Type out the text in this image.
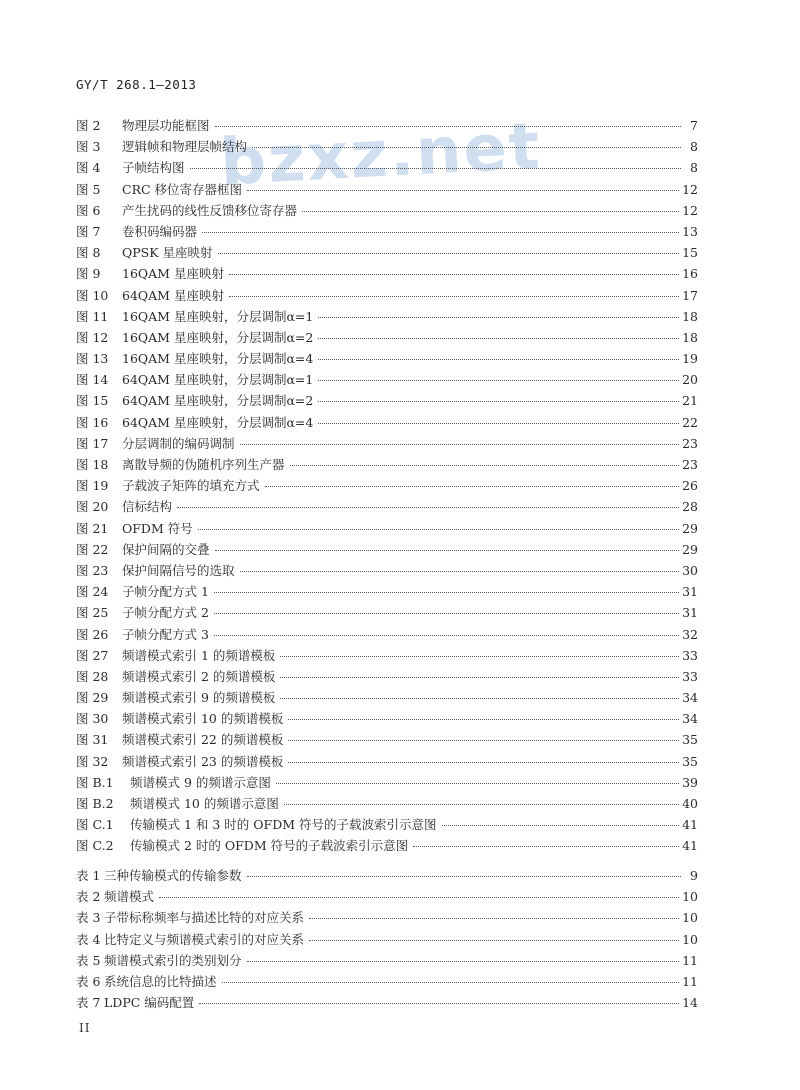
GY/T 268.1—2013
bzxz.net
图 2	物理层功能框图	7
图 3	逻辑帧和物理层帧结构	8
图 4	子帧结构图	8
图 5	CRC 移位寄存器框图	12
图 6	产生扰码的线性反馈移位寄存器	12
图 7	卷积码编码器	13
图 8	QPSK 星座映射	15
图 9	16QAM 星座映射	16
图 10	64QAM 星座映射	17
图 11	16QAM 星座映射，分层调制α=1	18
图 12	16QAM 星座映射，分层调制α=2	18
图 13	16QAM 星座映射，分层调制α=4	19
图 14	64QAM 星座映射，分层调制α=1	20
图 15	64QAM 星座映射，分层调制α=2	21
图 16	64QAM 星座映射，分层调制α=4	22
图 17	分层调制的编码调制	23
图 18	离散导频的伪随机序列生产器	23
图 19	子载波子矩阵的填充方式	26
图 20	信标结构	28
图 21	OFDM 符号	29
图 22	保护间隔的交叠	29
图 23	保护间隔信号的选取	30
图 24	子帧分配方式 1	31
图 25	子帧分配方式 2	31
图 26	子帧分配方式 3	32
图 27	频谱模式索引 1 的频谱模板	33
图 28	频谱模式索引 2 的频谱模板	33
图 29	频谱模式索引 9 的频谱模板	34
图 30	频谱模式索引 10 的频谱模板	34
图 31	频谱模式索引 22 的频谱模板	35
图 32	频谱模式索引 23 的频谱模板	35
图 B.1	频谱模式 9 的频谱示意图	39
图 B.2	频谱模式 10 的频谱示意图	40
图 C.1	传输模式 1 和 3 时的 OFDM 符号的子载波索引示意图	41
图 C.2	传输模式 2 时的 OFDM 符号的子载波索引示意图	41
表 1 三种传输模式的传输参数	9
表 2 频谱模式	10
表 3 子带标称频率与描述比特的对应关系	10
表 4 比特定义与频谱模式索引的对应关系	10
表 5 频谱模式索引的类别划分	11
表 6 系统信息的比特描述	11
表 7 LDPC 编码配置	14
II
